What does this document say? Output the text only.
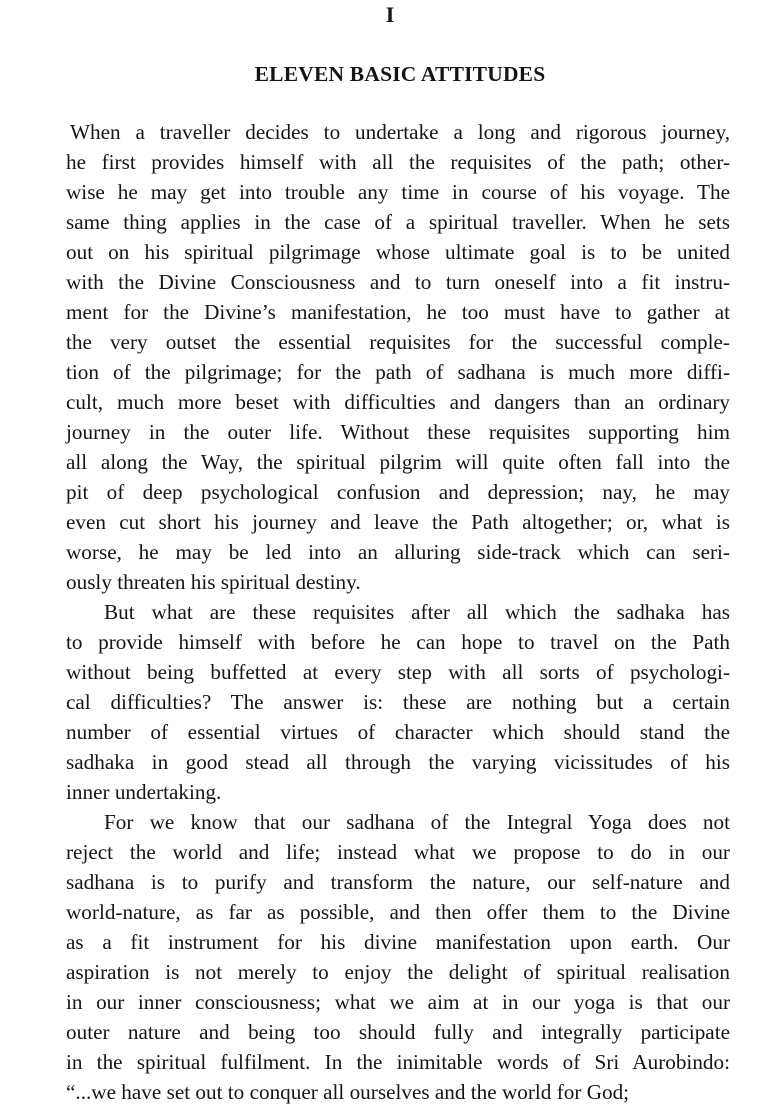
I
ELEVEN BASIC ATTITUDES
When a traveller decides to undertake a long and rigorous journey,
he first provides himself with all the requisites of the path; other-
wise he may get into trouble any time in course of his voyage. The
same thing applies in the case of a spiritual traveller. When he sets
out on his spiritual pilgrimage whose ultimate goal is to be united
with the Divine Consciousness and to turn oneself into a fit instru-
ment for the Divine’s manifestation, he too must have to gather at
the very outset the essential requisites for the successful comple-
tion of the pilgrimage; for the path of sadhana is much more diffi-
cult, much more beset with difficulties and dangers than an ordinary
journey in the outer life. Without these requisites supporting him
all along the Way, the spiritual pilgrim will quite often fall into the
pit of deep psychological confusion and depression; nay, he may
even cut short his journey and leave the Path altogether; or, what is
worse, he may be led into an alluring side-track which can seri-
ously threaten his spiritual destiny.
But what are these requisites after all which the sadhaka has
to provide himself with before he can hope to travel on the Path
without being buffetted at every step with all sorts of psychologi-
cal difficulties? The answer is: these are nothing but a certain
number of essential virtues of character which should stand the
sadhaka in good stead all through the varying vicissitudes of his
inner undertaking.
For we know that our sadhana of the Integral Yoga does not
reject the world and life; instead what we propose to do in our
sadhana is to purify and transform the nature, our self-nature and
world-nature, as far as possible, and then offer them to the Divine
as a fit instrument for his divine manifestation upon earth. Our
aspiration is not merely to enjoy the delight of spiritual realisation
in our inner consciousness; what we aim at in our yoga is that our
outer nature and being too should fully and integrally participate
in the spiritual fulfilment. In the inimitable words of Sri Aurobindo:
“...we have set out to conquer all ourselves and the world for God;
